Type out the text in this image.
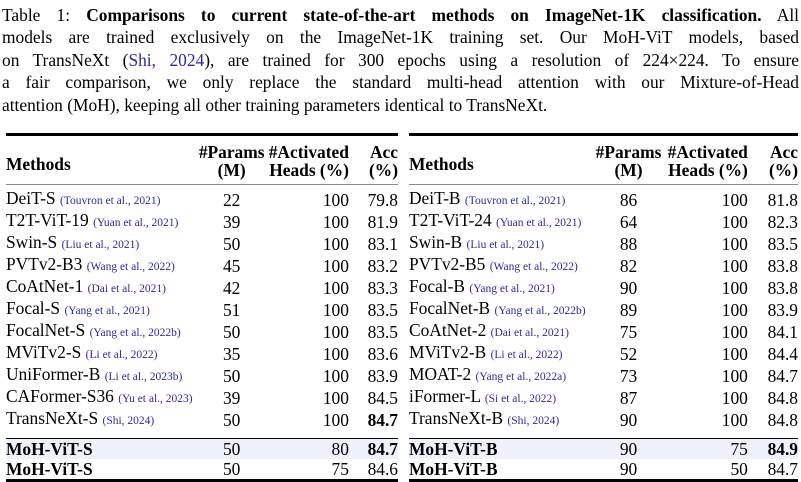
Table 1: Comparisons to current state-of-the-art methods on ImageNet-1K classification. All
models are trained exclusively on the ImageNet-1K training set. Our MoH-ViT models, based
on TransNeXt (Shi, 2024), are trained for 300 epochs using a resolution of 224×224. To ensure
a fair comparison, we only replace the standard multi-head attention with our Mixture-of-Head
attention (MoH), keeping all other training parameters identical to TransNeXt.
Methods	#Params	#Activated	Acc
	(M)	Heads (%)	(%)
DeiT-S (Touvron et al., 2021)	22	100	79.8
T2T-ViT-19 (Yuan et al., 2021)	39	100	81.9
Swin-S (Liu et al., 2021)	50	100	83.1
PVTv2-B3 (Wang et al., 2022)	45	100	83.2
CoAtNet-1 (Dai et al., 2021)	42	100	83.3
Focal-S (Yang et al., 2021)	51	100	83.5
FocalNet-S (Yang et al., 2022b)	50	100	83.5
MViTv2-S (Li et al., 2022)	35	100	83.6
UniFormer-B (Li et al., 2023b)	50	100	83.9
CAFormer-S36 (Yu et al., 2023)	39	100	84.5
TransNeXt-S (Shi, 2024)	50	100	84.7

MoH-ViT-S	50	80	84.7
MoH-ViT-S	50	75	84.6
Methods	#Params	#Activated	Acc
	(M)	Heads (%)	(%)
DeiT-B (Touvron et al., 2021)	86	100	81.8
T2T-ViT-24 (Yuan et al., 2021)	64	100	82.3
Swin-B (Liu et al., 2021)	88	100	83.5
PVTv2-B5 (Wang et al., 2022)	82	100	83.8
Focal-B (Yang et al., 2021)	90	100	83.8
FocalNet-B (Yang et al., 2022b)	89	100	83.9
CoAtNet-2 (Dai et al., 2021)	75	100	84.1
MViTv2-B (Li et al., 2022)	52	100	84.4
MOAT-2 (Yang et al., 2022a)	73	100	84.7
iFormer-L (Si et al., 2022)	87	100	84.8
TransNeXt-B (Shi, 2024)	90	100	84.8

MoH-ViT-B	90	75	84.9
MoH-ViT-B	90	50	84.7
